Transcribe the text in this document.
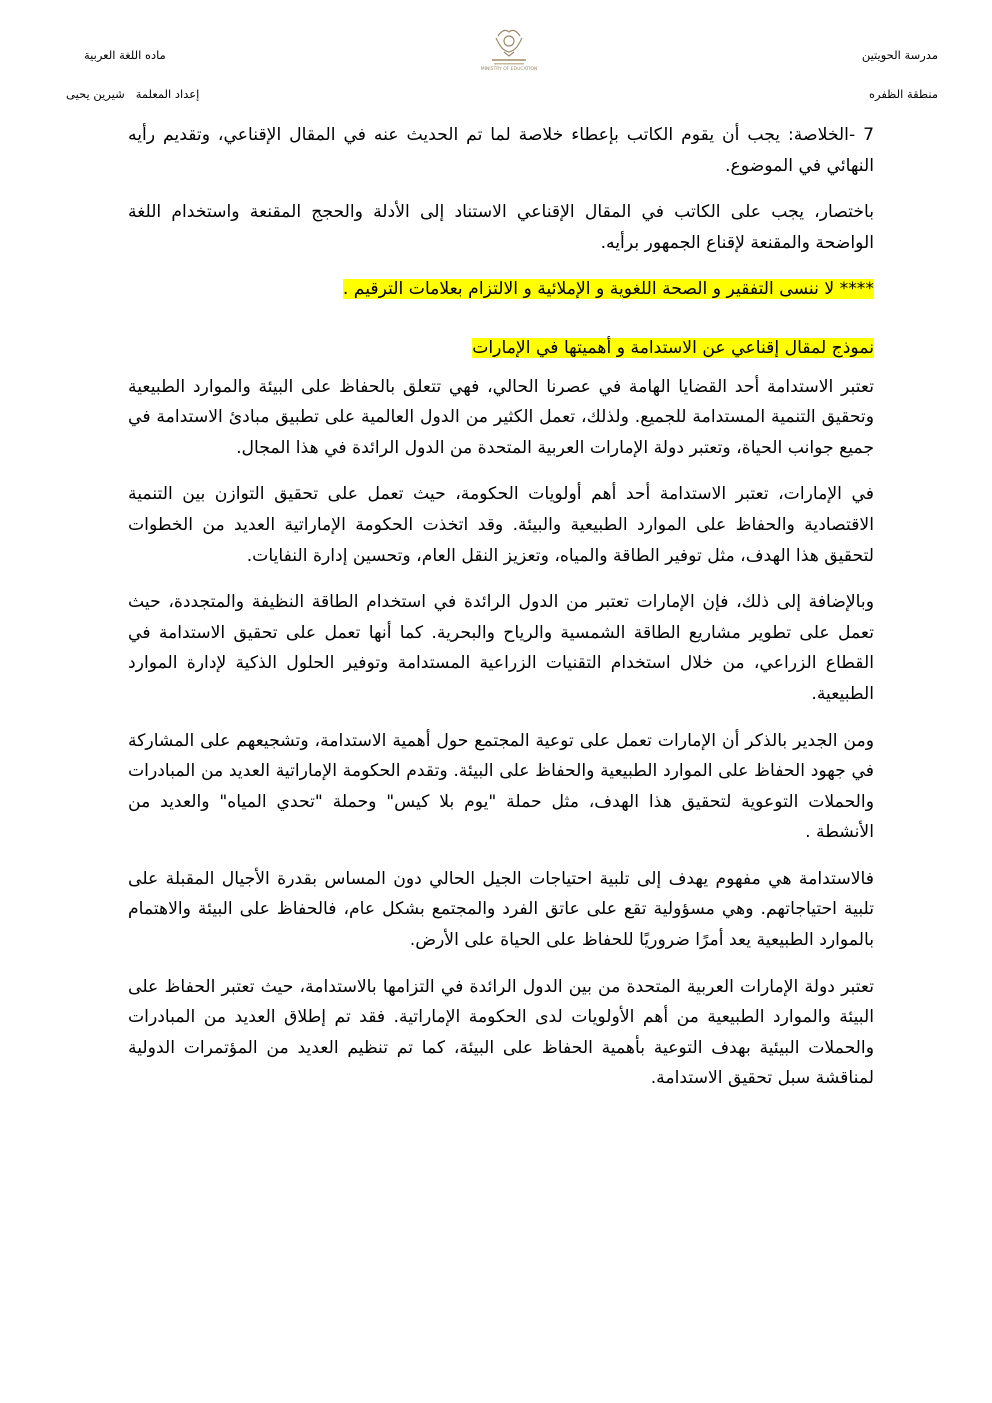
مدرسة الحويتين
منطقة الظفره
ماده اللغة العربية
إعداد المعلمة   شيرين يحيى
MINISTRY OF EDUCATION

7 -الخلاصة: يجب أن يقوم الكاتب بإعطاء خلاصة لما تم الحديث عنه في المقال الإقناعي، وتقديم رأيه النهائي في الموضوع.

باختصار، يجب على الكاتب في المقال الإقناعي الاستناد إلى الأدلة والحجج المقنعة واستخدام اللغة الواضحة والمقنعة لإقناع الجمهور برأيه.

**** لا ننسى التفقير و الصحة اللغوية و الإملائية و الالتزام بعلامات الترقيم .

نموذج لمقال إقناعي عن الاستدامة و أهميتها في الإمارات

تعتبر الاستدامة أحد القضايا الهامة في عصرنا الحالي، فهي تتعلق بالحفاظ على البيئة والموارد الطبيعية وتحقيق التنمية المستدامة للجميع. ولذلك، تعمل الكثير من الدول العالمية على تطبيق مبادئ الاستدامة في جميع جوانب الحياة، وتعتبر دولة الإمارات العربية المتحدة من الدول الرائدة في هذا المجال.

في الإمارات، تعتبر الاستدامة أحد أهم أولويات الحكومة، حيث تعمل على تحقيق التوازن بين التنمية الاقتصادية والحفاظ على الموارد الطبيعية والبيئة. وقد اتخذت الحكومة الإماراتية العديد من الخطوات لتحقيق هذا الهدف، مثل توفير الطاقة والمياه، وتعزيز النقل العام، وتحسين إدارة النفايات.

وبالإضافة إلى ذلك، فإن الإمارات تعتبر من الدول الرائدة في استخدام الطاقة النظيفة والمتجددة، حيث تعمل على تطوير مشاريع الطاقة الشمسية والرياح والبحرية. كما أنها تعمل على تحقيق الاستدامة في القطاع الزراعي، من خلال استخدام التقنيات الزراعية المستدامة وتوفير الحلول الذكية لإدارة الموارد الطبيعية.

ومن الجدير بالذكر أن الإمارات تعمل على توعية المجتمع حول أهمية الاستدامة، وتشجيعهم على المشاركة في جهود الحفاظ على الموارد الطبيعية والحفاظ على البيئة. وتقدم الحكومة الإماراتية العديد من المبادرات والحملات التوعوية لتحقيق هذا الهدف، مثل حملة "يوم بلا كيس" وحملة "تحدي المياه" والعديد من الأنشطة .

فالاستدامة هي مفهوم يهدف إلى تلبية احتياجات الجيل الحالي دون المساس بقدرة الأجيال المقبلة على تلبية احتياجاتهم. وهي مسؤولية تقع على عاتق الفرد والمجتمع بشكل عام، فالحفاظ على البيئة والاهتمام بالموارد الطبيعية يعد أمرًا ضروريًا للحفاظ على الحياة على الأرض.

تعتبر دولة الإمارات العربية المتحدة من بين الدول الرائدة في التزامها بالاستدامة، حيث تعتبر الحفاظ على البيئة والموارد الطبيعية من أهم الأولويات لدى الحكومة الإماراتية. فقد تم إطلاق العديد من المبادرات والحملات البيئية بهدف التوعية بأهمية الحفاظ على البيئة، كما تم تنظيم العديد من المؤتمرات الدولية لمناقشة سبل تحقيق الاستدامة.
